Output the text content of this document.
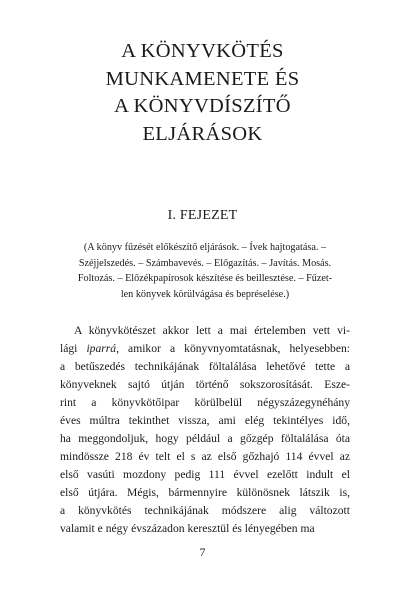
A KÖNYVKÖTÉS
MUNKAMENETE ÉS
A KÖNYVDÍSZÍTŐ
ELJÁRÁSOK
I. FEJEZET
(A könyv fűzését előkészítő eljárások. – Ívek hajtogatása. –
Széjjelszedés. – Számbavevés. – Előgazítás. – Javítás. Mosás.
Foltozás. – Előzékpapírosok készítése és beillesztése. – Fűzet-
len könyvek körülvágása és bepréselése.)
A könyvkötészet akkor lett a mai értelemben vett vi-
lági iparrá, amikor a könyvnyomtatásnak, helyesebben:
a betűszedés technikájának föltalálása lehetővé tette a
könyveknek sajtó útján történő sokszorosítását. Esze-
rint a könyvkötőipar körülbelül négyszázegynéhány
éves múltra tekinthet vissza, ami elég tekintélyes idő,
ha meggondoljuk, hogy például a gőzgép föltalálása óta
mindössze 218 év telt el s az első gőzhajó 114 évvel az
első vasúti mozdony pedig 111 évvel ezelőtt indult el
első útjára. Mégis, bármennyire különösnek látszik is,
a könyvkötés technikájának módszere alig változott
valamit e négy évszázadon keresztül és lényegében ma
7
